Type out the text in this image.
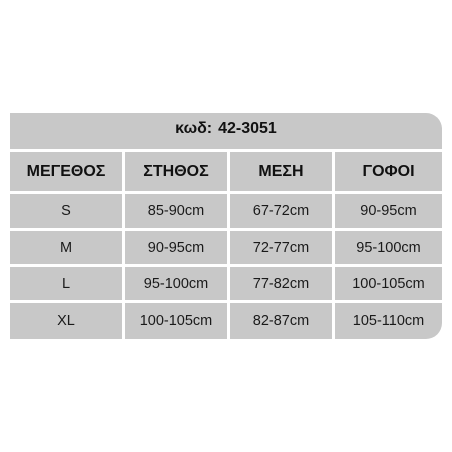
κωδ: 42-3051
ΜΕΓΕΘΟΣ	ΣΤΗΘΟΣ	ΜΕΣΗ	ΓΟΦΟΙ
S	85-90cm	67-72cm	90-95cm
M	90-95cm	72-77cm	95-100cm
L	95-100cm	77-82cm	100-105cm
XL	100-105cm	82-87cm	105-110cm
